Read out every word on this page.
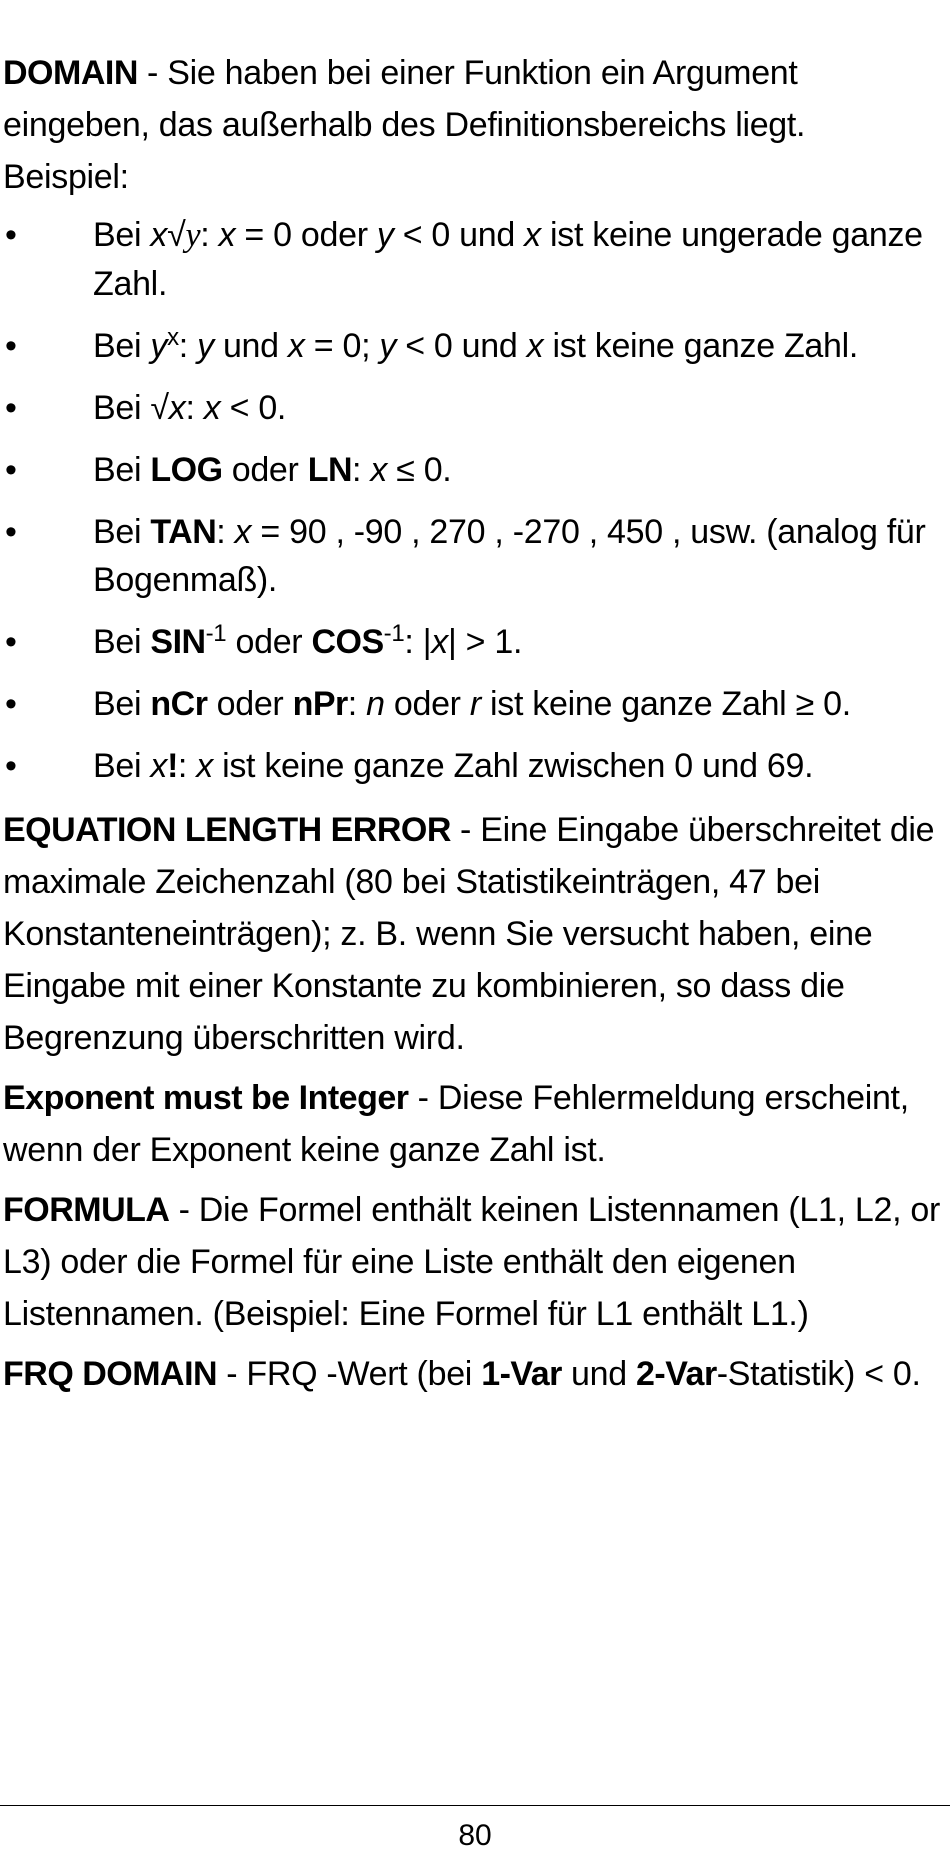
DOMAIN - Sie haben bei einer Funktion ein Argument eingeben, das außerhalb des Definitionsbereichs liegt.
Beispiel:

• Bei x√y: x = 0 oder y < 0 und x ist keine ungerade ganze Zahl.
• Bei $y^x$: y und x = 0; y < 0 und x ist keine ganze Zahl.
• Bei √x: x < 0.
• Bei LOG oder LN: x ≤ 0.
• Bei TAN: x = 90 , -90 , 270 , -270 , 450 , usw. (analog für Bogenmaß).
• Bei $SIN^{-1}$ oder $COS^{-1}$: |x| > 1.
• Bei nCr oder nPr: n oder r ist keine ganze Zahl ≥ 0.
• Bei x!: x ist keine ganze Zahl zwischen 0 und 69.

EQUATION LENGTH ERROR - Eine Eingabe überschreitet die maximale Zeichenzahl (80 bei Statistikeinträgen, 47 bei Konstanteneinträgen); z. B. wenn Sie versucht haben, eine Eingabe mit einer Konstante zu kombinieren, so dass die Begrenzung überschritten wird.

Exponent must be Integer - Diese Fehlermeldung erscheint, wenn der Exponent keine ganze Zahl ist.

FORMULA - Die Formel enthält keinen Listennamen (L1, L2, or L3) oder die Formel für eine Liste enthält den eigenen Listennamen. (Beispiel: Eine Formel für L1 enthält L1.)

FRQ DOMAIN - FRQ -Wert (bei 1-Var und 2-Var-Statistik) < 0.

80
